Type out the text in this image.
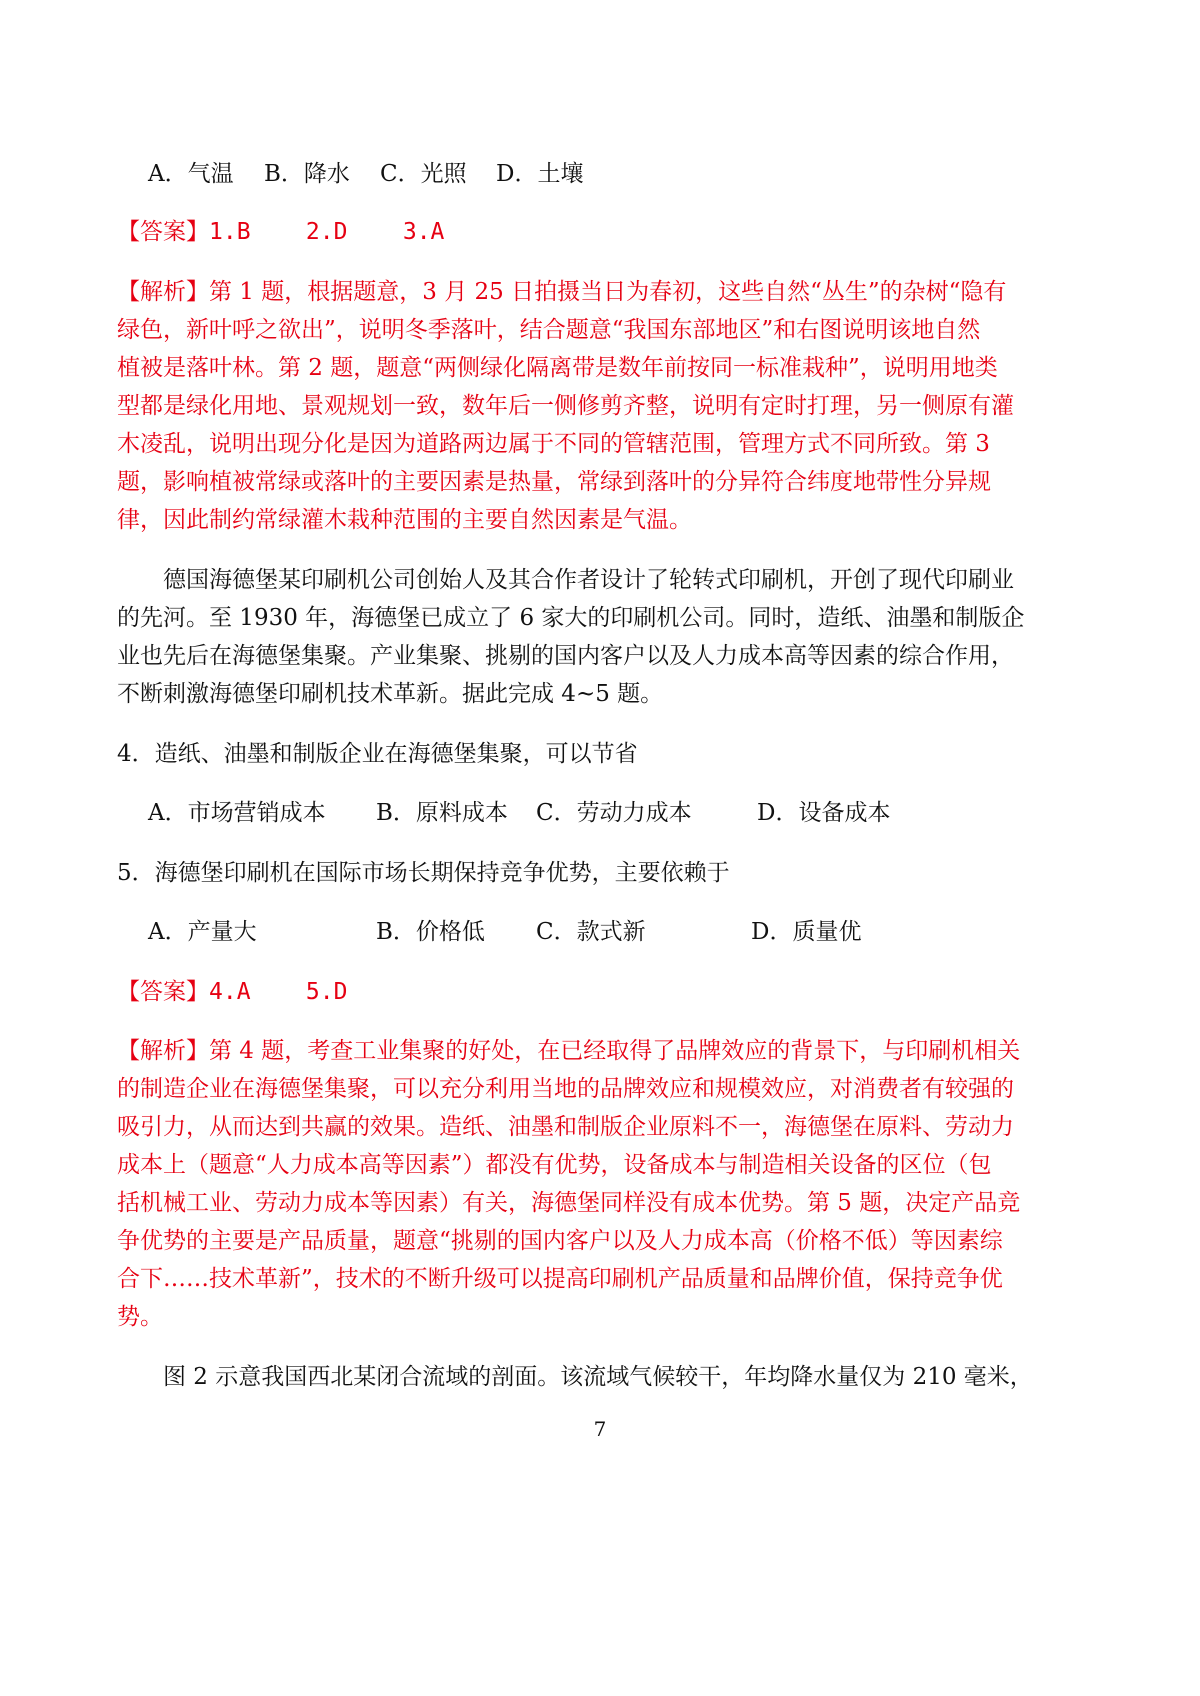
A．气温 B．降水 C．光照 D．土壤
【答案】1.B    2.D    3.A
【解析】第 1 题，根据题意，3 月 25 日拍摄当日为春初，这些自然“丛生”的杂树“隐有
绿色，新叶呼之欲出”，说明冬季落叶，结合题意“我国东部地区”和右图说明该地自然
植被是落叶林。第 2 题，题意“两侧绿化隔离带是数年前按同一标准栽种”，说明用地类
型都是绿化用地、景观规划一致，数年后一侧修剪齐整，说明有定时打理，另一侧原有灌
木凌乱，说明出现分化是因为道路两边属于不同的管辖范围，管理方式不同所致。第 3
题，影响植被常绿或落叶的主要因素是热量，常绿到落叶的分异符合纬度地带性分异规
律，因此制约常绿灌木栽种范围的主要自然因素是气温。
德国海德堡某印刷机公司创始人及其合作者设计了轮转式印刷机，开创了现代印刷业
的先河。至 1930 年，海德堡已成立了 6 家大的印刷机公司。同时，造纸、油墨和制版企
业也先后在海德堡集聚。产业集聚、挑剔的国内客户以及人力成本高等因素的综合作用，
不断刺激海德堡印刷机技术革新。据此完成 4~5 题。
4．造纸、油墨和制版企业在海德堡集聚，可以节省
A．市场营销成本 B．原料成本 C．劳动力成本	D．设备成本
5．海德堡印刷机在国际市场长期保持竞争优势，主要依赖于
A．产量大	B．价格低 C．款式新	D．质量优
【答案】4.A    5.D
【解析】第 4 题，考查工业集聚的好处，在已经取得了品牌效应的背景下，与印刷机相关
的制造企业在海德堡集聚，可以充分利用当地的品牌效应和规模效应，对消费者有较强的
吸引力，从而达到共赢的效果。造纸、油墨和制版企业原料不一，海德堡在原料、劳动力
成本上（题意“人力成本高等因素”）都没有优势，设备成本与制造相关设备的区位（包
括机械工业、劳动力成本等因素）有关，海德堡同样没有成本优势。第 5 题，决定产品竞
争优势的主要是产品质量，题意“挑剔的国内客户以及人力成本高（价格不低）等因素综
合下……技术革新”，技术的不断升级可以提高印刷机产品质量和品牌价值，保持竞争优
势。
图 2 示意我国西北某闭合流域的剖面。该流域气候较干，年均降水量仅为 210 毫米，
7
